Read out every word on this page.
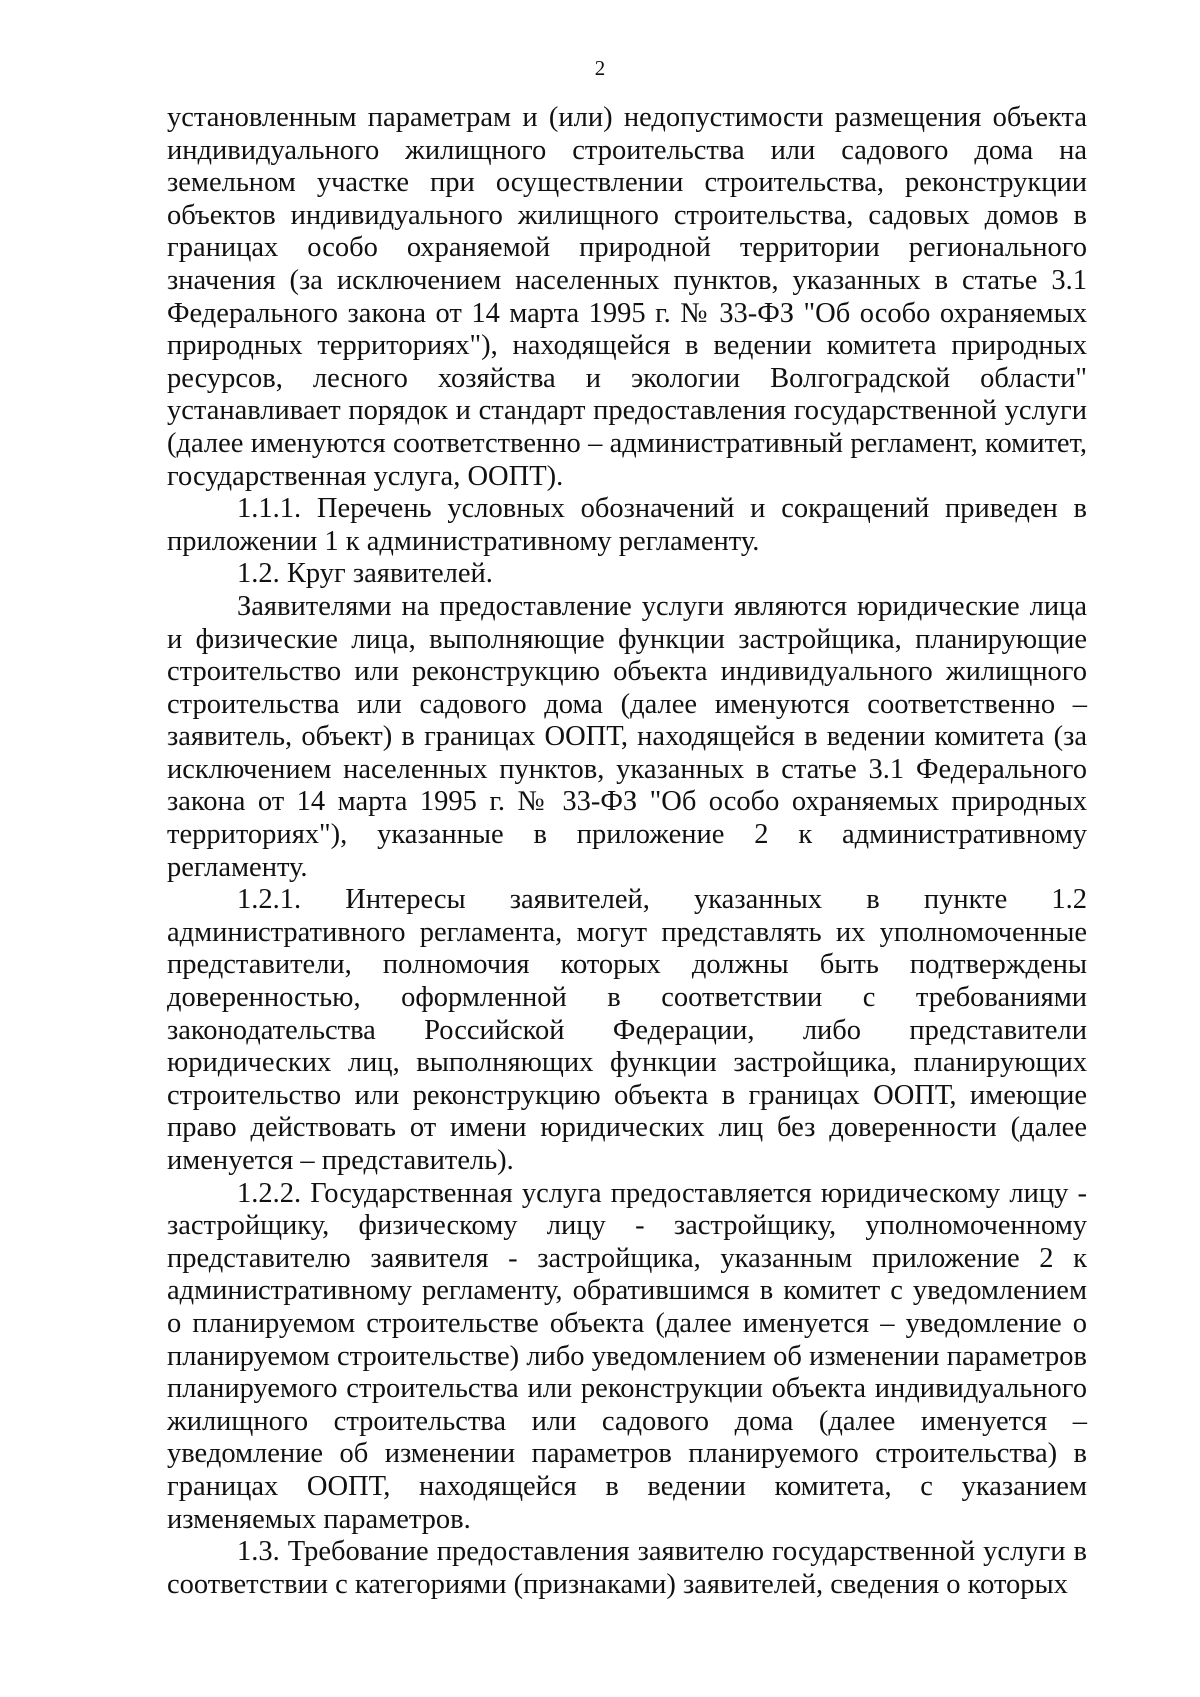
2

установленным параметрам и (или) недопустимости размещения объекта индивидуального жилищного строительства или садового дома на земельном участке при осуществлении строительства, реконструкции объектов индивидуального жилищного строительства, садовых домов в границах особо охраняемой природной территории регионального значения (за исключением населенных пунктов, указанных в статье 3.1 Федерального закона от 14 марта 1995 г. № 33-ФЗ "Об особо охраняемых природных территориях"), находящейся в ведении комитета природных ресурсов, лесного хозяйства и экологии Волгоградской области" устанавливает порядок и стандарт предоставления государственной услуги (далее именуются соответственно – административный регламент, комитет, государственная услуга, ООПТ).

1.1.1. Перечень условных обозначений и сокращений приведен в приложении 1 к административному регламенту.

1.2. Круг заявителей.

Заявителями на предоставление услуги являются юридические лица и физические лица, выполняющие функции застройщика, планирующие строительство или реконструкцию объекта индивидуального жилищного строительства или садового дома (далее именуются соответственно – заявитель, объект) в границах ООПТ, находящейся в ведении комитета (за исключением населенных пунктов, указанных в статье 3.1 Федерального закона от 14 марта 1995 г. № 33-ФЗ "Об особо охраняемых природных территориях"), указанные в приложение 2 к административному регламенту.

1.2.1. Интересы заявителей, указанных в пункте 1.2 административного регламента, могут представлять их уполномоченные представители, полномочия которых должны быть подтверждены доверенностью, оформленной в соответствии с требованиями законодательства Российской Федерации, либо представители юридических лиц, выполняющих функции застройщика, планирующих строительство или реконструкцию объекта в границах ООПТ, имеющие право действовать от имени юридических лиц без доверенности (далее именуется – представитель).

1.2.2. Государственная услуга предоставляется юридическому лицу - застройщику, физическому лицу - застройщику, уполномоченному представителю заявителя - застройщика, указанным приложение 2 к административному регламенту, обратившимся в комитет с уведомлением о планируемом строительстве объекта (далее именуется – уведомление о планируемом строительстве) либо уведомлением об изменении параметров планируемого строительства или реконструкции объекта индивидуального жилищного строительства или садового дома (далее именуется – уведомление об изменении параметров планируемого строительства) в границах ООПТ, находящейся в ведении комитета, с указанием изменяемых параметров.

1.3. Требование предоставления заявителю государственной услуги в соответствии с категориями (признаками) заявителей, сведения о которых
